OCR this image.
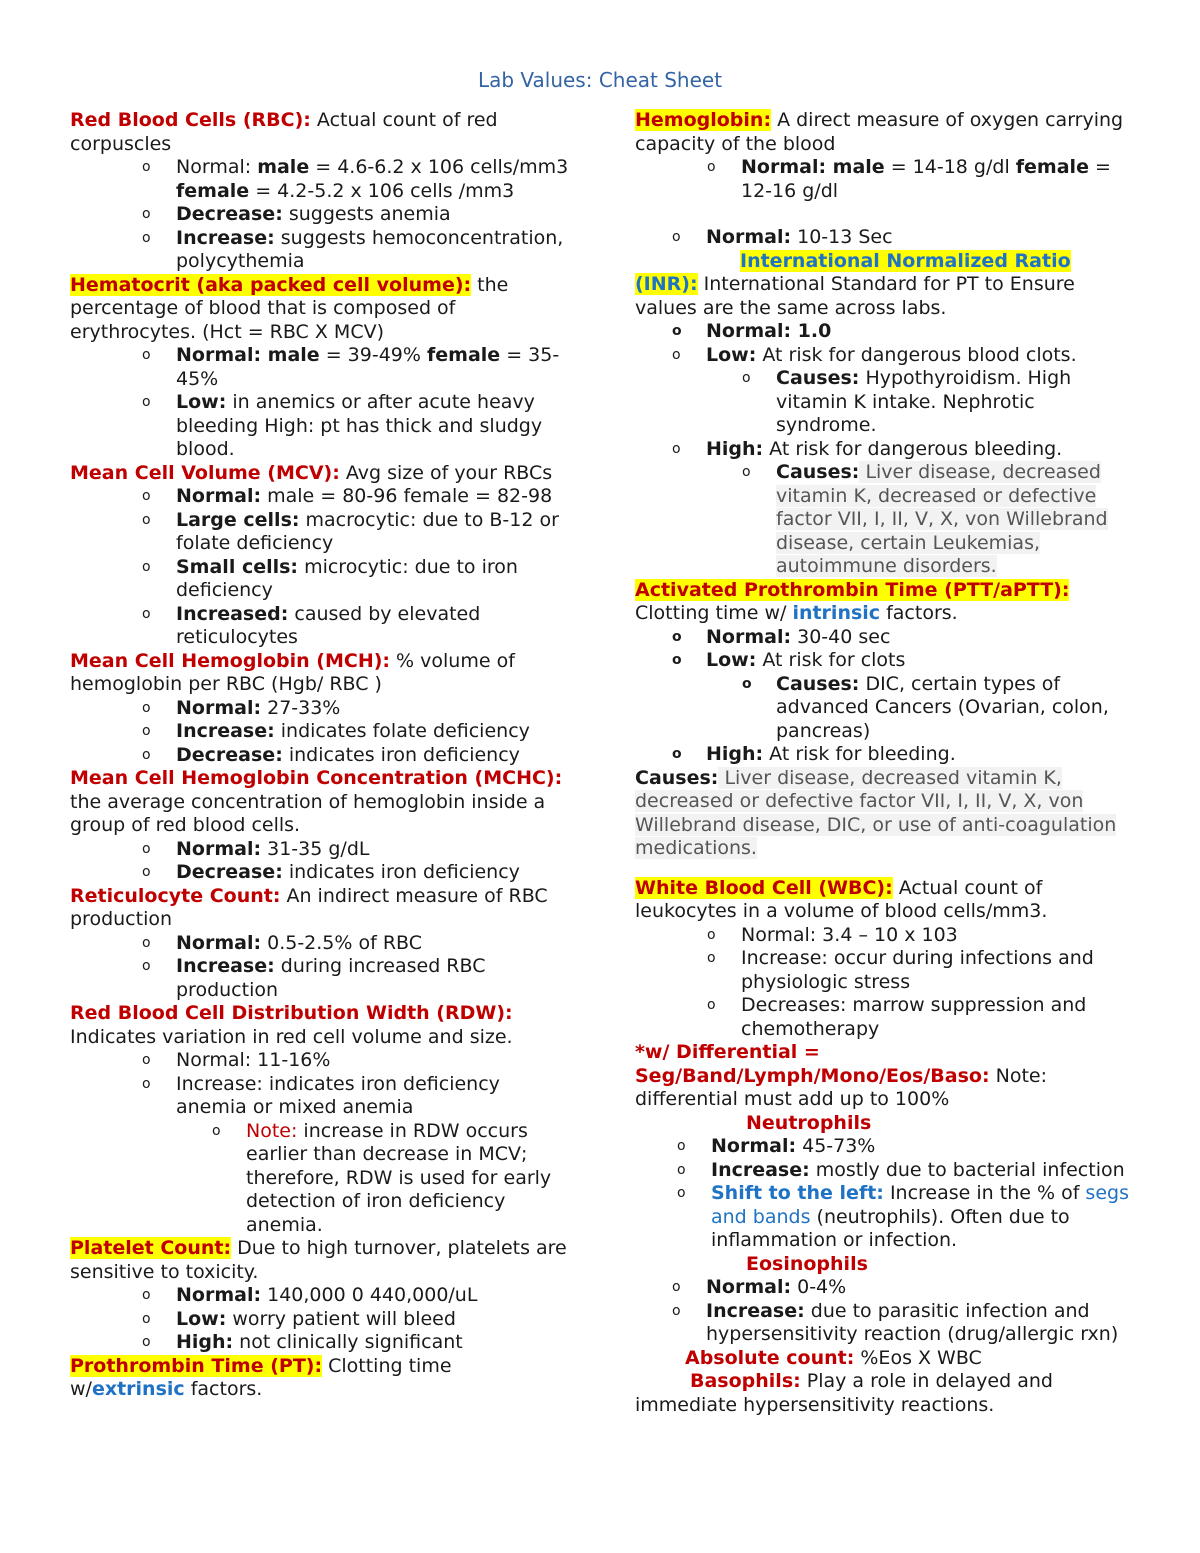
Lab Values: Cheat Sheet

Red Blood Cells (RBC): Actual count of red corpuscles

o Normal: male = 4.6-6.2 x 106 cells/mm3 female = 4.2-5.2 x 106 cells /mm3
o Decrease: suggests anemia
o Increase: suggests hemoconcentration, polycythemia

Hematocrit (aka packed cell volume): the percentage of blood that is composed of erythrocytes. (Hct = RBC X MCV)

o Normal: male = 39-49% female = 35-45%
o Low: in anemics or after acute heavy bleeding High: pt has thick and sludgy blood.

Mean Cell Volume (MCV): Avg size of your RBCs

o Normal: male = 80-96 female = 82-98
o Large cells: macrocytic: due to B-12 or folate deficiency
o Small cells: microcytic: due to iron deficiency
o Increased: caused by elevated reticulocytes

Mean Cell Hemoglobin (MCH): % volume of hemoglobin per RBC (Hgb/ RBC )

o Normal: 27-33%
o Increase: indicates folate deficiency
o Decrease: indicates iron deficiency

Mean Cell Hemoglobin Concentration (MCHC): the average concentration of hemoglobin inside a group of red blood cells.

o Normal: 31-35 g/dL
o Decrease: indicates iron deficiency

Reticulocyte Count: An indirect measure of RBC production

o Normal: 0.5-2.5% of RBC
o Increase: during increased RBC production

Red Blood Cell Distribution Width (RDW):
Indicates variation in red cell volume and size.

o Normal: 11-16%
o Increase: indicates iron deficiency anemia or mixed anemia
o Note: increase in RDW occurs earlier than decrease in MCV; therefore, RDW is used for early detection of iron deficiency anemia.

Platelet Count: Due to high turnover, platelets are sensitive to toxicity.

o Normal: 140,000 0 440,000/uL
o Low: worry patient will bleed
o High: not clinically significant

Prothrombin Time (PT): Clotting time w/extrinsic factors.

Hemoglobin: A direct measure of oxygen carrying capacity of the blood

o Normal: male = 14-18 g/dl female = 12-16 g/dl
o Normal: 10-13 Sec

International Normalized Ratio
(INR): International Standard for PT to Ensure values are the same across labs.

o Normal: 1.0
o Low: At risk for dangerous blood clots.
o Causes: Hypothyroidism. High vitamin K intake. Nephrotic syndrome.
o High: At risk for dangerous bleeding.
o Causes: Liver disease, decreased vitamin K, decreased or defective factor VII, I, II, V, X, von Willebrand disease, certain Leukemias, autoimmune disorders.

Activated Prothrombin Time (PTT/aPTT):
Clotting time w/ intrinsic factors.

o Normal: 30-40 sec
o Low: At risk for clots
o Causes: DIC, certain types of advanced Cancers (Ovarian, colon, pancreas)
o High: At risk for bleeding.

Causes: Liver disease, decreased vitamin K, decreased or defective factor VII, I, II, V, X, von Willebrand disease, DIC, or use of anti-coagulation medications.

White Blood Cell (WBC): Actual count of leukocytes in a volume of blood cells/mm3.

o Normal: 3.4 – 10 x 103
o Increase: occur during infections and physiologic stress
o Decreases: marrow suppression and chemotherapy

*w/ Differential = Seg/Band/Lymph/Mono/Eos/Baso: Note: differential must add up to 100%

Neutrophils

o Normal: 45-73%
o Increase: mostly due to bacterial infection
o Shift to the left: Increase in the % of segs and bands (neutrophils). Often due to inflammation or infection.

Eosinophils

o Normal: 0-4%
o Increase: due to parasitic infection and hypersensitivity reaction (drug/allergic rxn)

Absolute count: %Eos X WBC

Basophils: Play a role in delayed and immediate hypersensitivity reactions.
